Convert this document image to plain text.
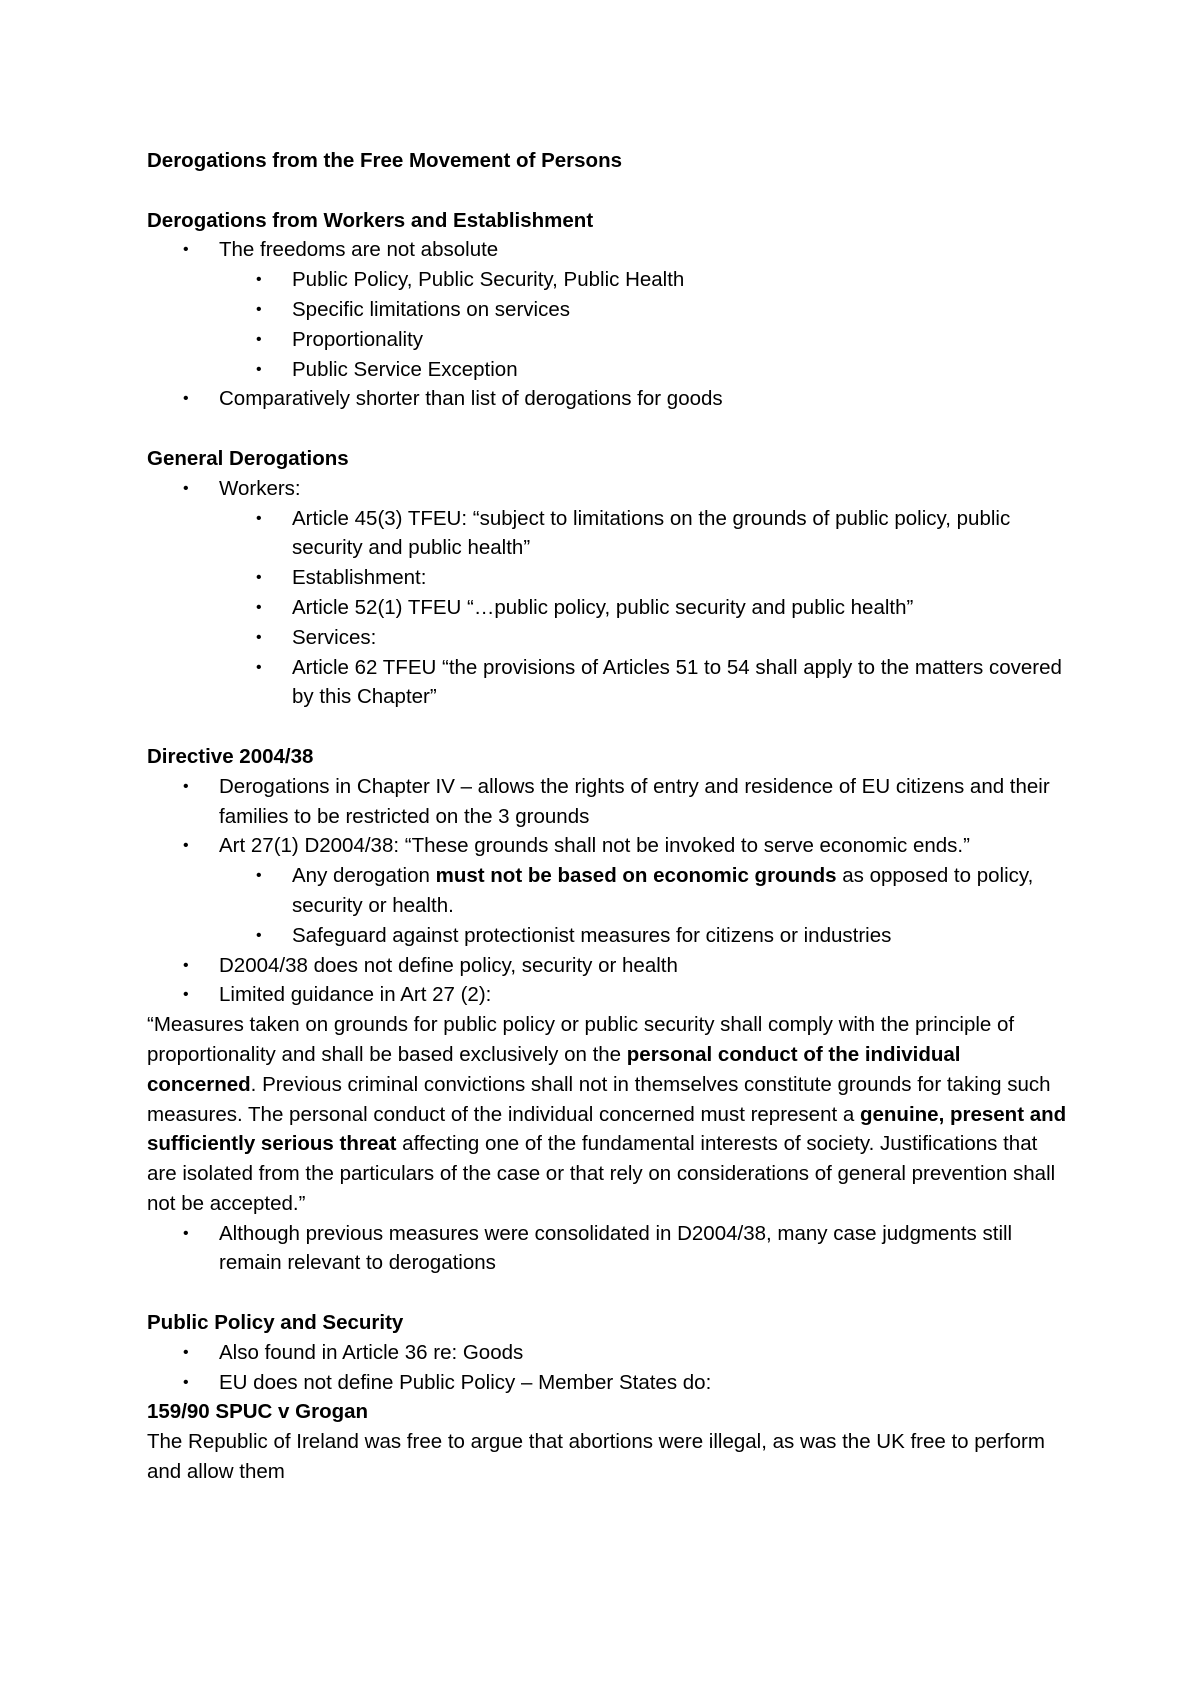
Derogations from the Free Movement of Persons

Derogations from Workers and Establishment

• The freedoms are not absolute

• Public Policy, Public Security, Public Health

• Specific limitations on services

• Proportionality

• Public Service Exception

• Comparatively shorter than list of derogations for goods

General Derogations

• Workers:

• Article 45(3) TFEU: “subject to limitations on the grounds of public policy, public security and public health”

• Establishment:

• Article 52(1) TFEU “…public policy, public security and public health”

• Services:

• Article 62 TFEU “the provisions of Articles 51 to 54 shall apply to the matters covered by this Chapter”

Directive 2004/38

• Derogations in Chapter IV – allows the rights of entry and residence of EU citizens and their families to be restricted on the 3 grounds

• Art 27(1) D2004/38: “These grounds shall not be invoked to serve economic ends.”

• Any derogation must not be based on economic grounds as opposed to policy, security or health.

• Safeguard against protectionist measures for citizens or industries

• D2004/38 does not define policy, security or health

• Limited guidance in Art 27 (2):

“Measures taken on grounds for public policy or public security shall comply with the principle of proportionality and shall be based exclusively on the personal conduct of the individual concerned. Previous criminal convictions shall not in themselves constitute grounds for taking such measures. The personal conduct of the individual concerned must represent a genuine, present and sufficiently serious threat affecting one of the fundamental interests of society. Justifications that are isolated from the particulars of the case or that rely on considerations of general prevention shall not be accepted.”

• Although previous measures were consolidated in D2004/38, many case judgments still remain relevant to derogations

Public Policy and Security

• Also found in Article 36 re: Goods

• EU does not define Public Policy – Member States do:

159/90 SPUC v Grogan

The Republic of Ireland was free to argue that abortions were illegal, as was the UK free to perform and allow them
